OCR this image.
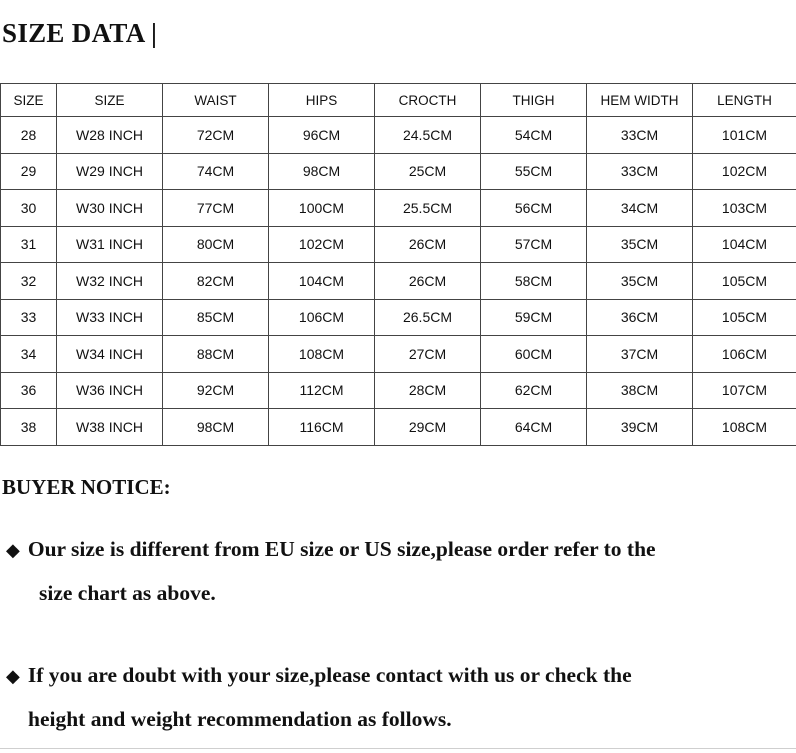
SIZE DATA |
SIZE	SIZE	WAIST	HIPS	CROCTH	THIGH	HEM WIDTH	LENGTH
28	W28 INCH	72CM	96CM	24.5CM	54CM	33CM	101CM
29	W29 INCH	74CM	98CM	25CM	55CM	33CM	102CM
30	W30 INCH	77CM	100CM	25.5CM	56CM	34CM	103CM
31	W31 INCH	80CM	102CM	26CM	57CM	35CM	104CM
32	W32 INCH	82CM	104CM	26CM	58CM	35CM	105CM
33	W33 INCH	85CM	106CM	26.5CM	59CM	36CM	105CM
34	W34 INCH	88CM	108CM	27CM	60CM	37CM	106CM
36	W36 INCH	92CM	112CM	28CM	62CM	38CM	107CM
38	W38 INCH	98CM	116CM	29CM	64CM	39CM	108CM
BUYER NOTICE:

◆ Our size is different from EU size or US size,please order refer to the
size chart as above.

◆ If you are doubt with your size,please contact with us or check the
height and weight recommendation as follows.
